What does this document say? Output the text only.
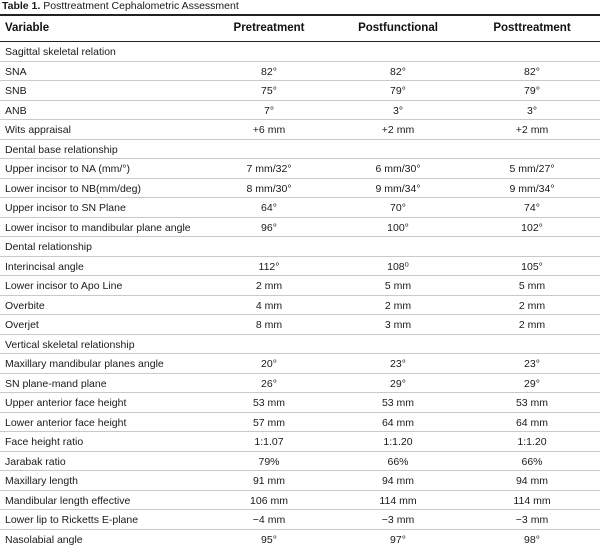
Table 1. Posttreatment Cephalometric Assessment
Variable	Pretreatment	Postfunctional	Posttreatment
Sagittal skeletal relation
SNA	82°	82°	82°
SNB	75°	79°	79°
ANB	7°	3°	3°
Wits appraisal	+6 mm	+2 mm	+2 mm
Dental base relationship
Upper incisor to NA (mm/°)	7 mm/32°	6 mm/30°	5 mm/27°
Lower incisor to NB(mm/deg)	8 mm/30°	9 mm/34°	9 mm/34°
Upper incisor to SN Plane	64°	70°	74°
Lower incisor to mandibular plane angle	96°	100°	102°
Dental relationship
Interincisal angle	112°	108⁰	105°
Lower incisor to Apo Line	2 mm	5 mm	5 mm
Overbite	4 mm	2 mm	2 mm
Overjet	8 mm	3 mm	2 mm
Vertical skeletal relationship
Maxillary mandibular planes angle	20°	23°	23°
SN plane-mand plane	26°	29°	29°
Upper anterior face height	53 mm	53 mm	53 mm
Lower anterior face height	57 mm	64 mm	64 mm
Face height ratio	1:1.07	1:1.20	1:1.20
Jarabak ratio	79%	66%	66%
Maxillary length	91 mm	94 mm	94 mm
Mandibular length effective	106 mm	114 mm	114 mm
Lower lip to Ricketts E-plane	−4 mm	−3 mm	−3 mm
Nasolabial angle	95°	97°	98°
